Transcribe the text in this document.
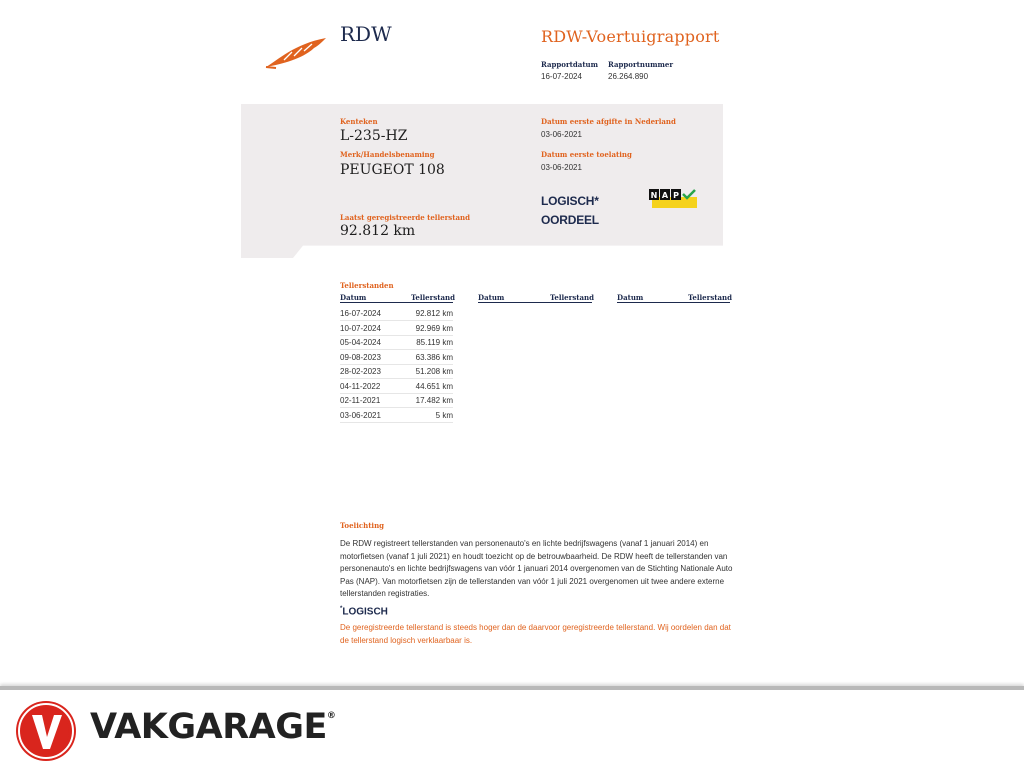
RDW	RDW-Voertuigrapport
Rapportdatum
16-07-2024
Rapportnummer
26.264.890
Kenteken
L-235-HZ
Merk/Handelsbenaming
PEUGEOT 108
Datum eerste afgifte in Nederland
03-06-2021
Datum eerste toelating
03-06-2021
LOGISCH*
OORDEEL
N A P
Laatst geregistreerde tellerstand
92.812 km
Tellerstanden
Datum	Tellerstand	Datum	Tellerstand	Datum	Tellerstand
16-07-2024	92.812 km
10-07-2024	92.969 km
05-04-2024	85.119 km
09-08-2023	63.386 km
28-02-2023	51.208 km
04-11-2022	44.651 km
02-11-2021	17.482 km
03-06-2021	5 km
Toelichting
De RDW registreert tellerstanden van personenauto's en lichte bedrijfswagens (vanaf 1 januari 2014) en motorfietsen (vanaf 1 juli 2021) en houdt toezicht op de betrouwbaarheid. De RDW heeft de tellerstanden van personenauto's en lichte bedrijfswagens van vóór 1 januari 2014 overgenomen van de Stichting Nationale Auto Pas (NAP). Van motorfietsen zijn de tellerstanden van vóór 1 juli 2021 overgenomen uit twee andere externe tellerstanden registraties.
*LOGISCH
De geregistreerde tellerstand is steeds hoger dan de daarvoor geregistreerde tellerstand. Wij oordelen dan dat de tellerstand logisch verklaarbaar is.
VAKGARAGE®
